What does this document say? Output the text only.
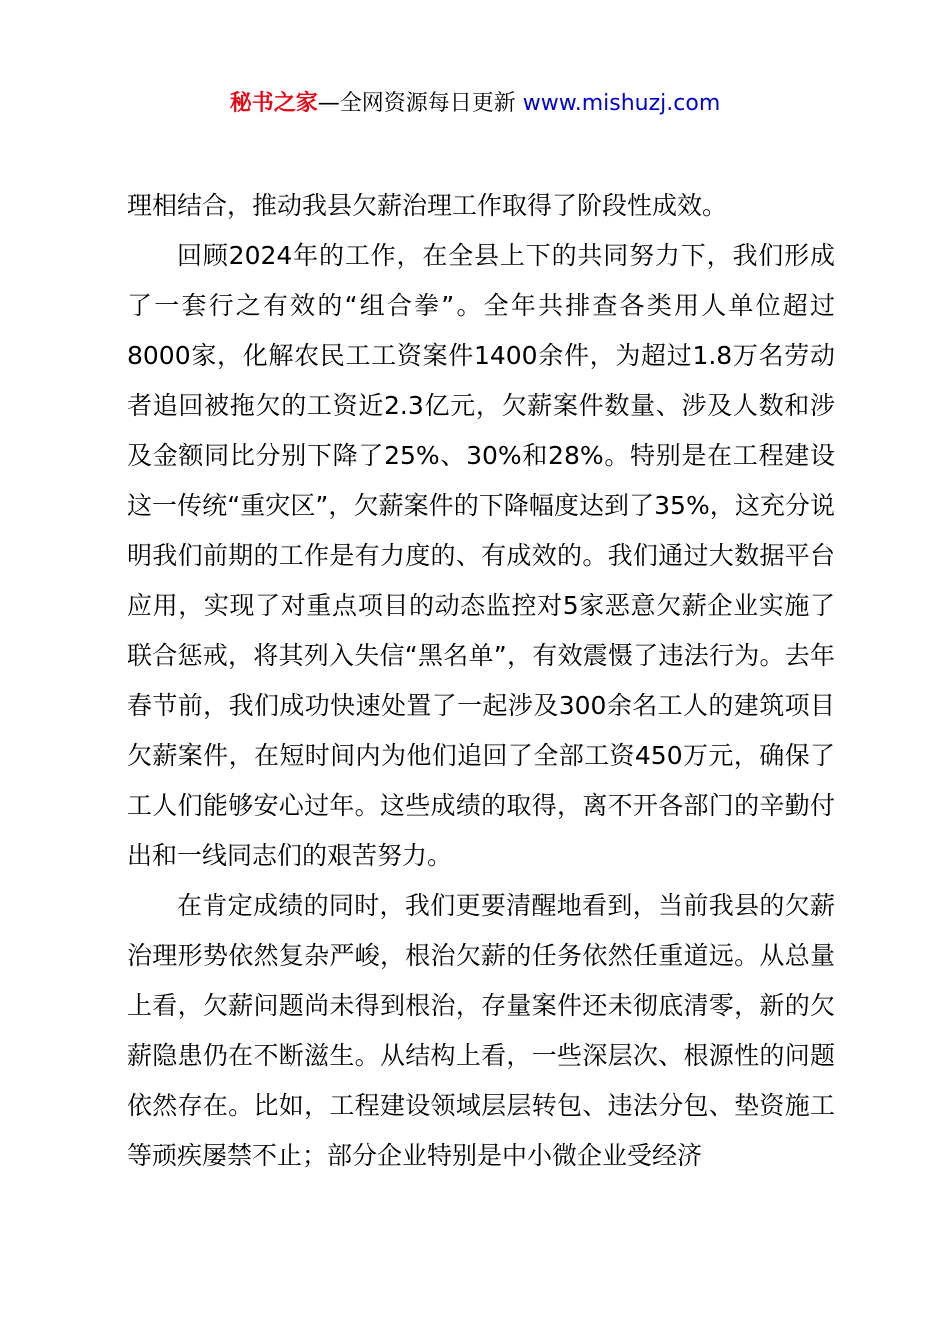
秘书之家—全网资源每日更新 www.mishuzj.com

理相结合，推动我县欠薪治理工作取得了阶段性成效。

回顾2024年的工作，在全县上下的共同努力下，我们形成了一套行之有效的“组合拳”。全年共排查各类用人单位超过8000家，化解农民工工资案件1400余件，为超过1.8万名劳动者追回被拖欠的工资近2.3亿元，欠薪案件数量、涉及人数和涉及金额同比分别下降了25%、30%和28%。特别是在工程建设这一传统“重灾区”，欠薪案件的下降幅度达到了35%，这充分说明我们前期的工作是有力度的、有成效的。我们通过大数据平台应用，实现了对重点项目的动态监控对5家恶意欠薪企业实施了联合惩戒，将其列入失信“黑名单”，有效震慑了违法行为。去年春节前，我们成功快速处置了一起涉及300余名工人的建筑项目欠薪案件，在短时间内为他们追回了全部工资450万元，确保了工人们能够安心过年。这些成绩的取得，离不开各部门的辛勤付出和一线同志们的艰苦努力。

在肯定成绩的同时，我们更要清醒地看到，当前我县的欠薪治理形势依然复杂严峻，根治欠薪的任务依然任重道远。从总量上看，欠薪问题尚未得到根治，存量案件还未彻底清零，新的欠薪隐患仍在不断滋生。从结构上看，一些深层次、根源性的问题依然存在。比如，工程建设领域层层转包、违法分包、垫资施工等顽疾屡禁不止；部分企业特别是中小微企业受经济
